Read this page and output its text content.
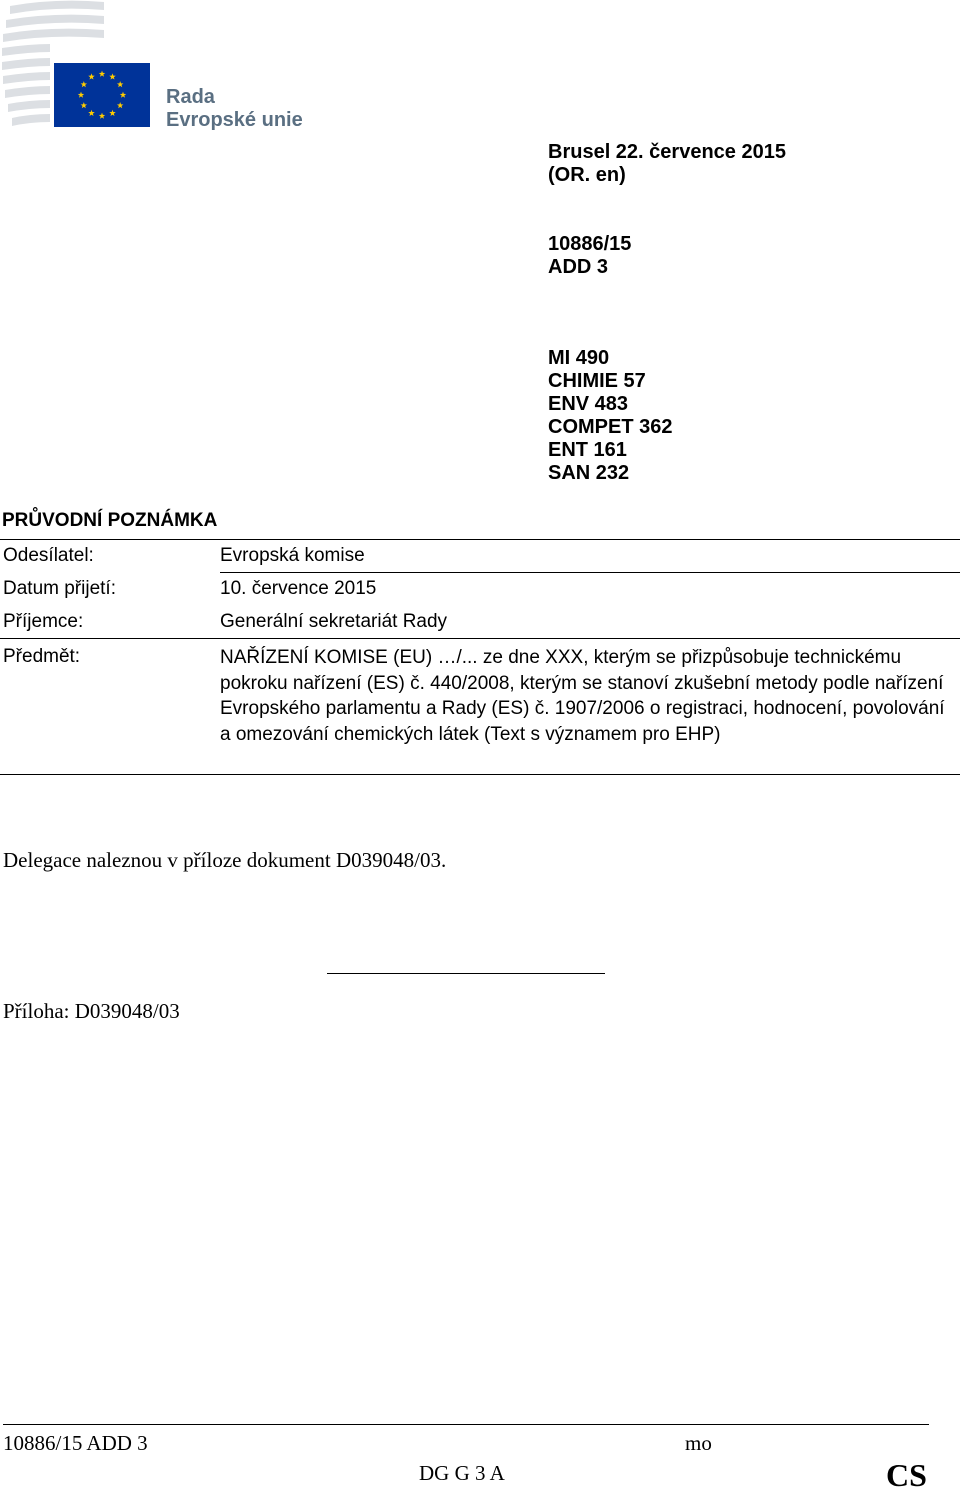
Rada
Evropské unie
Brusel 22. července 2015
(OR. en)
10886/15
ADD 3
MI 490
CHIMIE 57
ENV 483
COMPET 362
ENT 161
SAN 232
PRŮVODNÍ POZNÁMKA
Odesílatel:	Evropská komise
Datum přijetí:	10. července 2015
Příjemce:	Generální sekretariát Rady
Předmět:	NAŘÍZENÍ KOMISE (EU) …/... ze dne XXX, kterým se přizpůsobuje technickému pokroku nařízení (ES) č. 440/2008, kterým se stanoví zkušební metody podle nařízení Evropského parlamentu a Rady (ES) č. 1907/2006 o registraci, hodnocení, povolování a omezování chemických látek (Text s významem pro EHP)
Delegace naleznou v příloze dokument D039048/03.
Příloha: D039048/03
10886/15 ADD 3	mo
DG G 3 A	CS
